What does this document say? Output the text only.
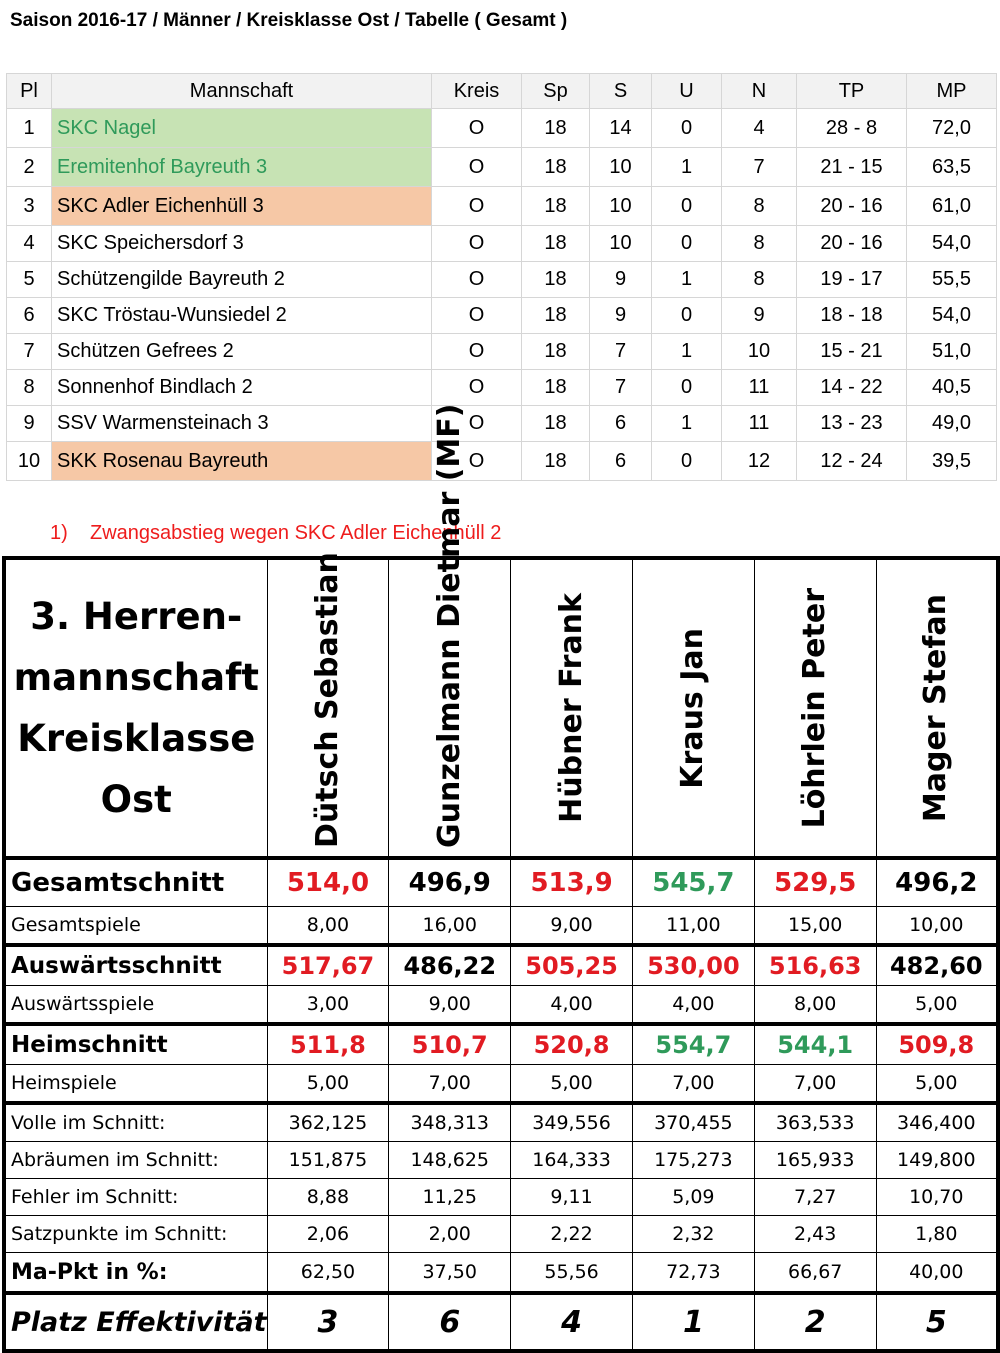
Saison 2016-17 / Männer / Kreisklasse Ost / Tabelle ( Gesamt )
Pl	Mannschaft	Kreis	Sp	S	U	N	TP	MP
1	SKC Nagel	O	18	14	0	4	28 - 8	72,0
2	Eremitenhof Bayreuth 3	O	18	10	1	7	21 - 15	63,5
3	SKC Adler Eichenhüll 3	O	18	10	0	8	20 - 16	61,0
4	SKC Speichersdorf 3	O	18	10	0	8	20 - 16	54,0
5	Schützengilde Bayreuth 2	O	18	9	1	8	19 - 17	55,5
6	SKC Tröstau-Wunsiedel 2	O	18	9	0	9	18 - 18	54,0
7	Schützen Gefrees 2	O	18	7	1	10	15 - 21	51,0
8	Sonnenhof Bindlach 2	O	18	7	0	11	14 - 22	40,5
9	SSV Warmensteinach 3	O	18	6	1	11	13 - 23	49,0
10	SKK Rosenau Bayreuth	O	18	6	0	12	12 - 24	39,5
1) Zwangsabstieg wegen SKC Adler Eichenhüll 2
3. Herren-
mannschaft
Kreisklasse
Ost	Dütsch Sebastian	Gunzelmann Dietmar (MF)	Hübner Frank	Kraus Jan	Löhrlein Peter	Mager Stefan

Gesamtschnitt	514,0	496,9	513,9	545,7	529,5	496,2
Gesamtspiele	8,00	16,00	9,00	11,00	15,00	10,00
Auswärtsschnitt	517,67	486,22	505,25	530,00	516,63	482,60
Auswärtsspiele	3,00	9,00	4,00	4,00	8,00	5,00
Heimschnitt	511,8	510,7	520,8	554,7	544,1	509,8
Heimspiele	5,00	7,00	5,00	7,00	7,00	5,00
Volle im Schnitt:	362,125	348,313	349,556	370,455	363,533	346,400
Abräumen im Schnitt:	151,875	148,625	164,333	175,273	165,933	149,800
Fehler im Schnitt:	8,88	11,25	9,11	5,09	7,27	10,70
Satzpunkte im Schnitt:	2,06	2,00	2,22	2,32	2,43	1,80
Ma-Pkt in %:	62,50	37,50	55,56	72,73	66,67	40,00
Platz Effektivität	3	6	4	1	2	5
